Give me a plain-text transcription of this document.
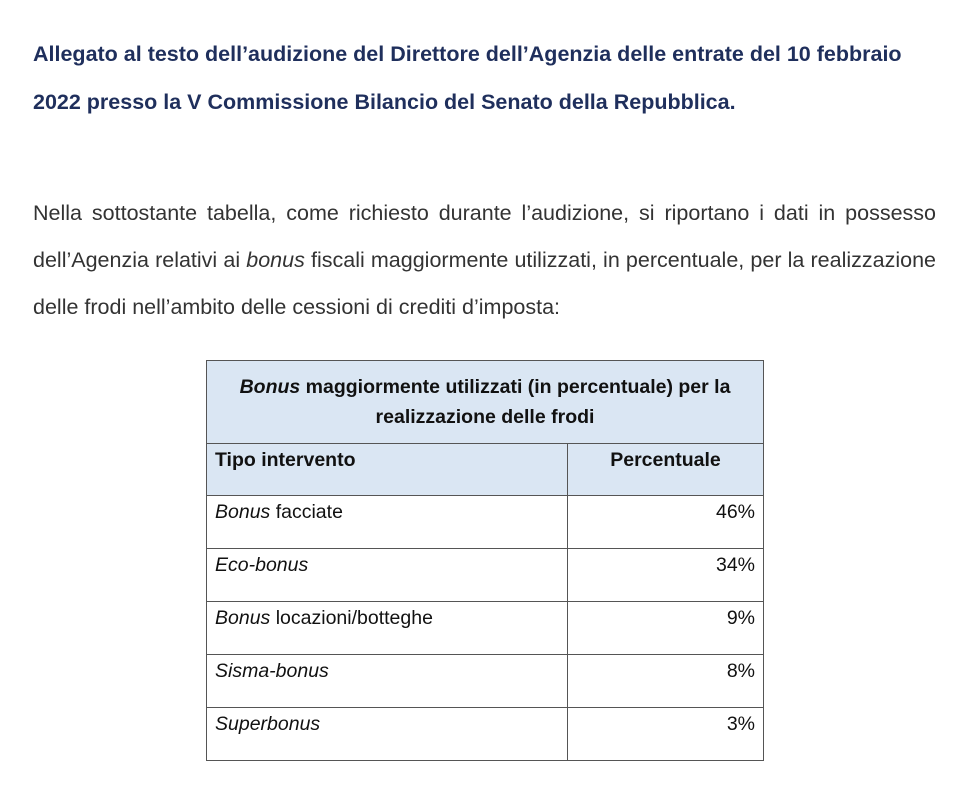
Allegato al testo dell’audizione del Direttore dell’Agenzia delle entrate del 10 febbraio
2022 presso la V Commissione Bilancio del Senato della Repubblica.

Nella sottostante tabella, come richiesto durante l’audizione, si riportano i dati in possesso dell’Agenzia relativi ai bonus fiscali maggiormente utilizzati, in percentuale, per la realizzazione delle frodi nell’ambito delle cessioni di crediti d’imposta:

Bonus maggiormente utilizzati (in percentuale) per la
realizzazione delle frodi	
Tipo intervento	Percentuale
Bonus facciate	46%
Eco-bonus	34%
Bonus locazioni/botteghe	9%
Sisma-bonus	8%
Superbonus	3%
